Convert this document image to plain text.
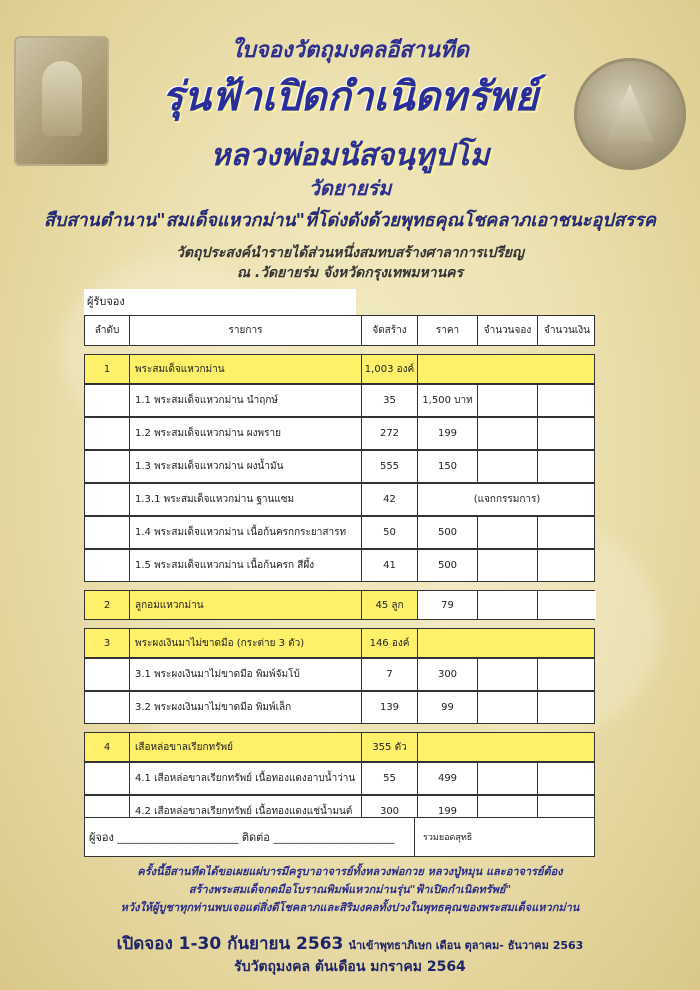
ใบจองวัตถุมงคลอีสานทีด
รุ่นฟ้าเปิดกำเนิดทรัพย์
หลวงพ่อมนัสจนฺทูปโม
วัดยายร่ม
สืบสานตำนาน"สมเด็จแหวกม่าน"ที่โด่งดังด้วยพุทธคุณโชคลาภเอาชนะอุปสรรค
วัตถุประสงค์นำรายได้ส่วนหนึ่งสมทบสร้างศาลาการเปรียญ
ณ .วัดยายร่ม จังหวัดกรุงเทพมหานคร
ผู้รับจอง
ลำดับ	รายการ	จัดสร้าง	ราคา	จำนวนจอง	จำนวนเงิน
1	พระสมเด็จแหวกม่าน	1,003 องค์
1.1 พระสมเด็จแหวกม่าน นำฤกษ์	35	1,500 บาท
1.2 พระสมเด็จแหวกม่าน ผงพราย	272	199
1.3 พระสมเด็จแหวกม่าน ผงน้ำมัน	555	150
1.3.1 พระสมเด็จแหวกม่าน ฐานแซม	42	(แจกกรรมการ)
1.4 พระสมเด็จแหวกม่าน เนื้อก้นครกกระยาสารท	50	500
1.5 พระสมเด็จแหวกม่าน เนื้อก้นครก สีผึ้ง	41	500
2	ลูกอมแหวกม่าน	45 ลูก	79
3	พระผงเงินมาไม่ขาดมือ (กระต่าย 3 ตัว)	146 องค์
3.1 พระผงเงินมาไม่ขาดมือ พิมพ์จัมโบ้	7	300
3.2 พระผงเงินมาไม่ขาดมือ พิมพ์เล็ก	139	99
4	เสือหล่อขาลเรียกทรัพย์	355 ตัว
4.1 เสือหล่อขาลเรียกทรัพย์ เนื้อทองแดงอาบน้ำว่าน	55	499
4.2 เสือหล่อขาลเรียกทรัพย์ เนื้อทองแดงแช่น้ำมนต์	300	199
ผู้จอง ______________________ ติดต่อ ______________________	รวมยอดสุทธิ
ครั้งนี้อีสานทีดได้ขอเผยแผ่บารมีครูบาอาจารย์ทั้งหลวงพ่อกวย หลวงปู่หมุน และอาจารย์ต้อง
สร้างพระสมเด็จกดมือโบราณพิมพ์แหวกม่านรุ่น"ฟ้าเปิดกำเนิดทรัพย์"
หวังให้ผู้บูชาทุกท่านพบเจอแต่สิ่งดีโชคลาภและสิริมงคลทั้งปวงในพุทธคุณของพระสมเด็จแหวกม่าน
เปิดจอง 1-30 กันยายน 2563 นำเข้าพุทธาภิเษก เดือน ตุลาคม- ธันวาคม 2563
รับวัตถุมงคล ต้นเดือน มกราคม 2564
